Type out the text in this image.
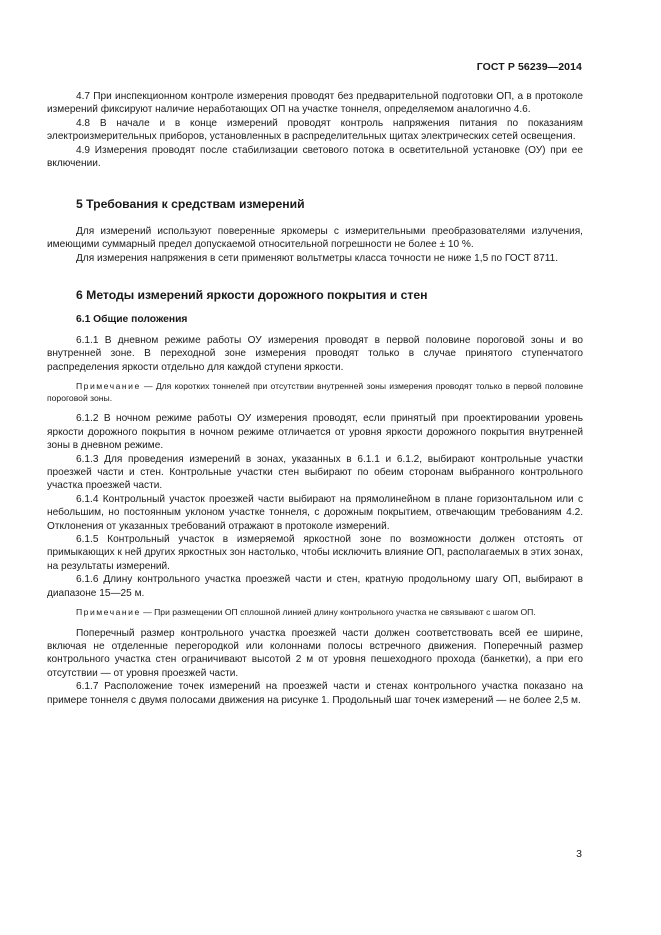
ГОСТ Р 56239—2014

4.7 При инспекционном контроле измерения проводят без предварительной подготовки ОП, а в протоколе измерений фиксируют наличие неработающих ОП на участке тоннеля, определяемом аналогично 4.6.

4.8 В начале и в конце измерений проводят контроль напряжения питания по показаниям электроизмерительных приборов, установленных в распределительных щитах электрических сетей освещения.

4.9 Измерения проводят после стабилизации светового потока в осветительной установке (ОУ) при ее включении.

5 Требования к средствам измерений

Для измерений используют поверенные яркомеры с измерительными преобразователями излучения, имеющими суммарный предел допускаемой относительной погрешности не более ± 10 %.

Для измерения напряжения в сети применяют вольтметры класса точности не ниже 1,5 по ГОСТ 8711.

6 Методы измерений яркости дорожного покрытия и стен
6.1 Общие положения

6.1.1 В дневном режиме работы ОУ измерения проводят в первой половине пороговой зоны и во внутренней зоне. В переходной зоне измерения проводят только в случае принятого ступенчатого распределения яркости отдельно для каждой ступени яркости.

Примечание — Для коротких тоннелей при отсутствии внутренней зоны измерения проводят только в первой половине пороговой зоны.

6.1.2 В ночном режиме работы ОУ измерения проводят, если принятый при проектировании уровень яркости дорожного покрытия в ночном режиме отличается от уровня яркости дорожного покрытия внутренней зоны в дневном режиме.

6.1.3 Для проведения измерений в зонах, указанных в 6.1.1 и 6.1.2, выбирают контрольные участки проезжей части и стен. Контрольные участки стен выбирают по обеим сторонам выбранного контрольного участка проезжей части.

6.1.4 Контрольный участок проезжей части выбирают на прямолинейном в плане горизонтальном или с небольшим, но постоянным уклоном участке тоннеля, с дорожным покрытием, отвечающим требованиям 4.2. Отклонения от указанных требований отражают в протоколе измерений.

6.1.5 Контрольный участок в измеряемой яркостной зоне по возможности должен отстоять от примыкающих к ней других яркостных зон настолько, чтобы исключить влияние ОП, располагаемых в этих зонах, на результаты измерений.

6.1.6 Длину контрольного участка проезжей части и стен, кратную продольному шагу ОП, выбирают в диапазоне 15—25 м.

Примечание — При размещении ОП сплошной линией длину контрольного участка не связывают с шагом ОП.

Поперечный размер контрольного участка проезжей части должен соответствовать всей ее ширине, включая не отделенные перегородкой или колоннами полосы встречного движения. Поперечный размер контрольного участка стен ограничивают высотой 2 м от уровня пешеходного прохода (банкетки), а при его отсутствии — от уровня проезжей части.

6.1.7 Расположение точек измерений на проезжей части и стенах контрольного участка показано на примере тоннеля с двумя полосами движения на рисунке 1. Продольный шаг точек измерений — не более 2,5 м.

3
